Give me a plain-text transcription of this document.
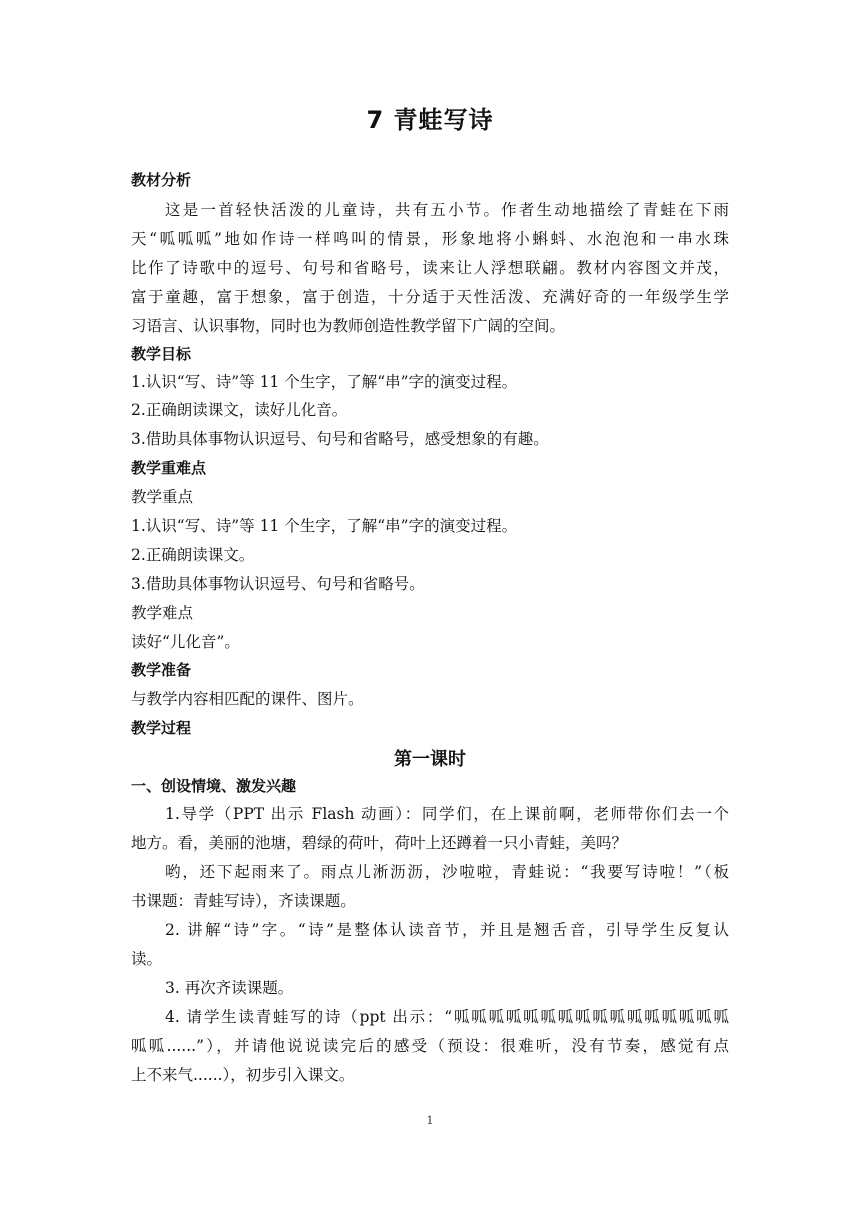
7 青蛙写诗
教材分析
这是一首轻快活泼的儿童诗，共有五小节。作者生动地描绘了青蛙在下雨
天“呱呱呱”地如作诗一样鸣叫的情景，形象地将小蝌蚪、水泡泡和一串水珠
比作了诗歌中的逗号、句号和省略号，读来让人浮想联翩。教材内容图文并茂，
富于童趣，富于想象，富于创造，十分适于天性活泼、充满好奇的一年级学生学
习语言、认识事物，同时也为教师创造性教学留下广阔的空间。
教学目标
1.认识“写、诗”等 11 个生字，了解“串”字的演变过程。
2.正确朗读课文，读好儿化音。
3.借助具体事物认识逗号、句号和省略号，感受想象的有趣。
教学重难点
教学重点
1.认识“写、诗”等 11 个生字，了解“串”字的演变过程。
2.正确朗读课文。
3.借助具体事物认识逗号、句号和省略号。
教学难点
读好“儿化音”。
教学准备
与教学内容相匹配的课件、图片。
教学过程
第一课时
一、创设情境、激发兴趣
1.导学（PPT 出示 Flash 动画）：同学们，在上课前啊，老师带你们去一个
地方。看，美丽的池塘，碧绿的荷叶，荷叶上还蹲着一只小青蛙，美吗？
哟，还下起雨来了。雨点儿淅沥沥，沙啦啦，青蛙说：“我要写诗啦！”（板
书课题：青蛙写诗），齐读课题。
2. 讲解“诗”字。“诗”是整体认读音节，并且是翘舌音，引导学生反复认
读。
3. 再次齐读课题。
4. 请学生读青蛙写的诗（ppt 出示：“呱呱呱呱呱呱呱呱呱呱呱呱呱呱呱呱
呱呱......”），并请他说说读完后的感受（预设：很难听，没有节奏，感觉有点
上不来气......），初步引入课文。
1
